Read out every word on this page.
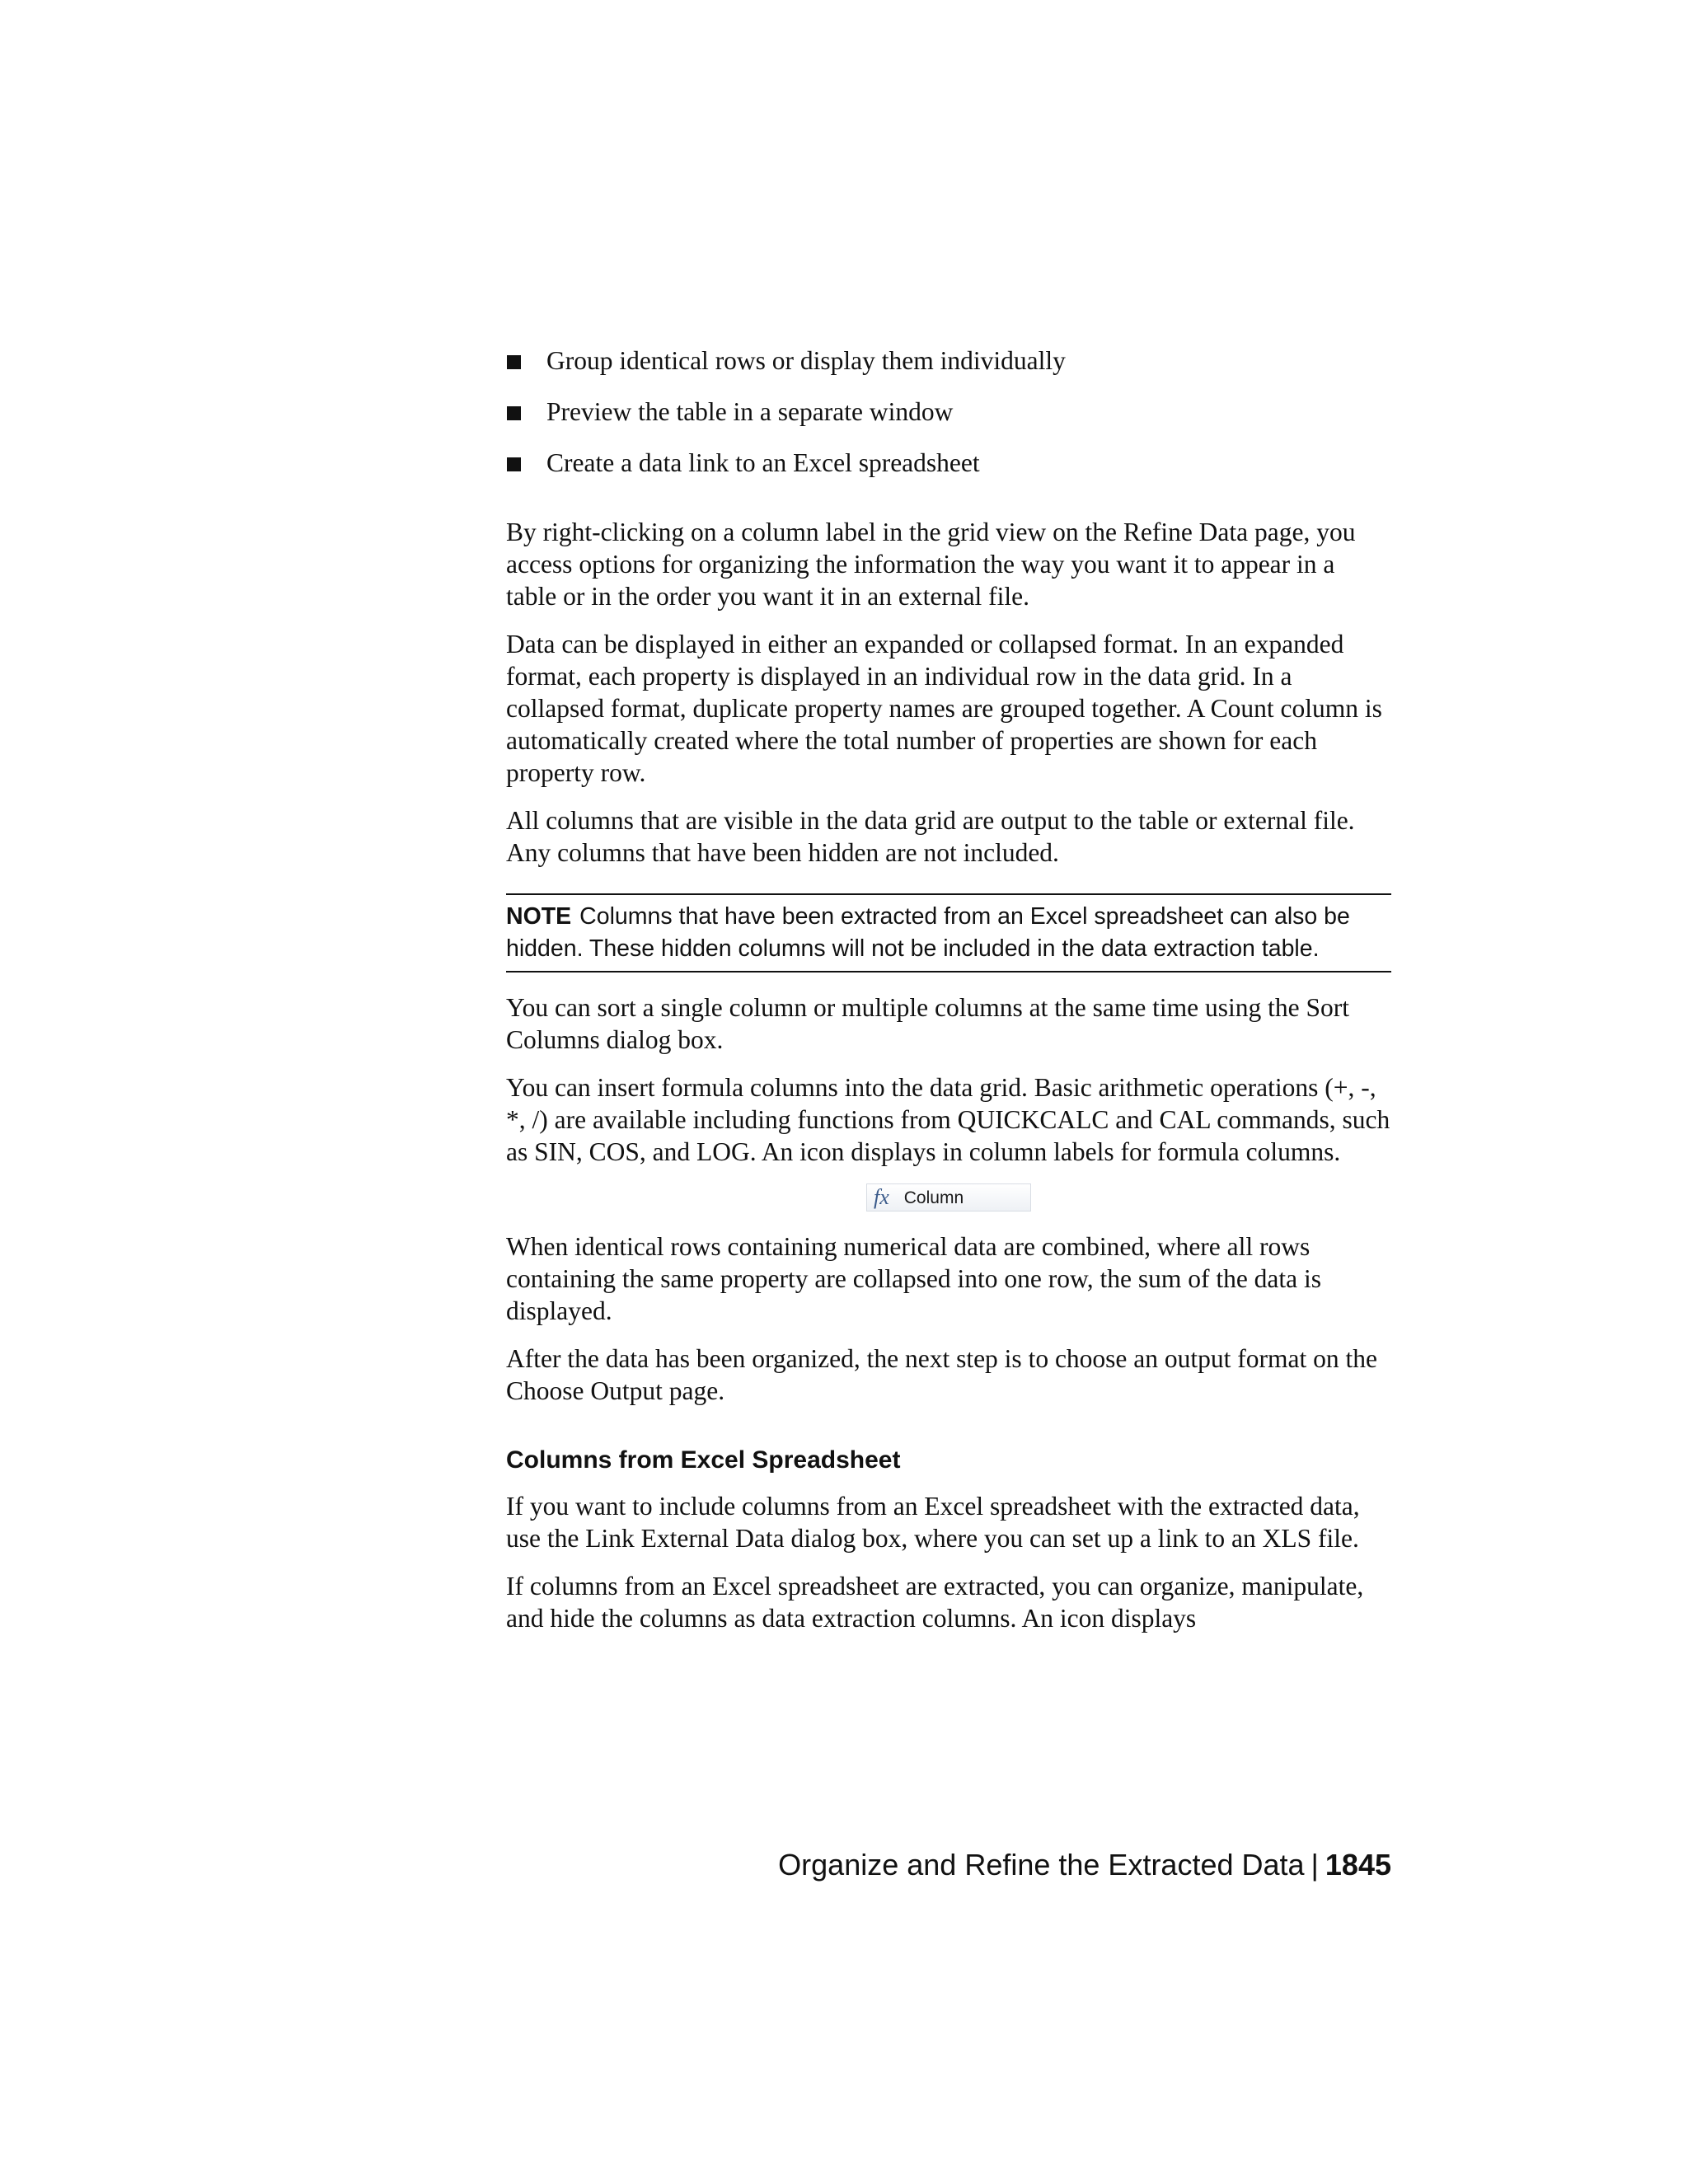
Group identical rows or display them individually
Preview the table in a separate window
Create a data link to an Excel spreadsheet

By right-clicking on a column label in the grid view on the Refine Data page, you access options for organizing the information the way you want it to appear in a table or in the order you want it in an external file.

Data can be displayed in either an expanded or collapsed format. In an expanded format, each property is displayed in an individual row in the data grid. In a collapsed format, duplicate property names are grouped together. A Count column is automatically created where the total number of properties are shown for each property row.

All columns that are visible in the data grid are output to the table or external file. Any columns that have been hidden are not included.

NOTE Columns that have been extracted from an Excel spreadsheet can also be hidden. These hidden columns will not be included in the data extraction table.

You can sort a single column or multiple columns at the same time using the Sort Columns dialog box.

You can insert formula columns into the data grid. Basic arithmetic operations (+, -, *, /) are available including functions from QUICKCALC and CAL commands, such as SIN, COS, and LOG. An icon displays in column labels for formula columns.

fx Column

When identical rows containing numerical data are combined, where all rows containing the same property are collapsed into one row, the sum of the data is displayed.

After the data has been organized, the next step is to choose an output format on the Choose Output page.

Columns from Excel Spreadsheet

If you want to include columns from an Excel spreadsheet with the extracted data, use the Link External Data dialog box, where you can set up a link to an XLS file.

If columns from an Excel spreadsheet are extracted, you can organize, manipulate, and hide the columns as data extraction columns. An icon displays

Organize and Refine the Extracted Data | 1845
